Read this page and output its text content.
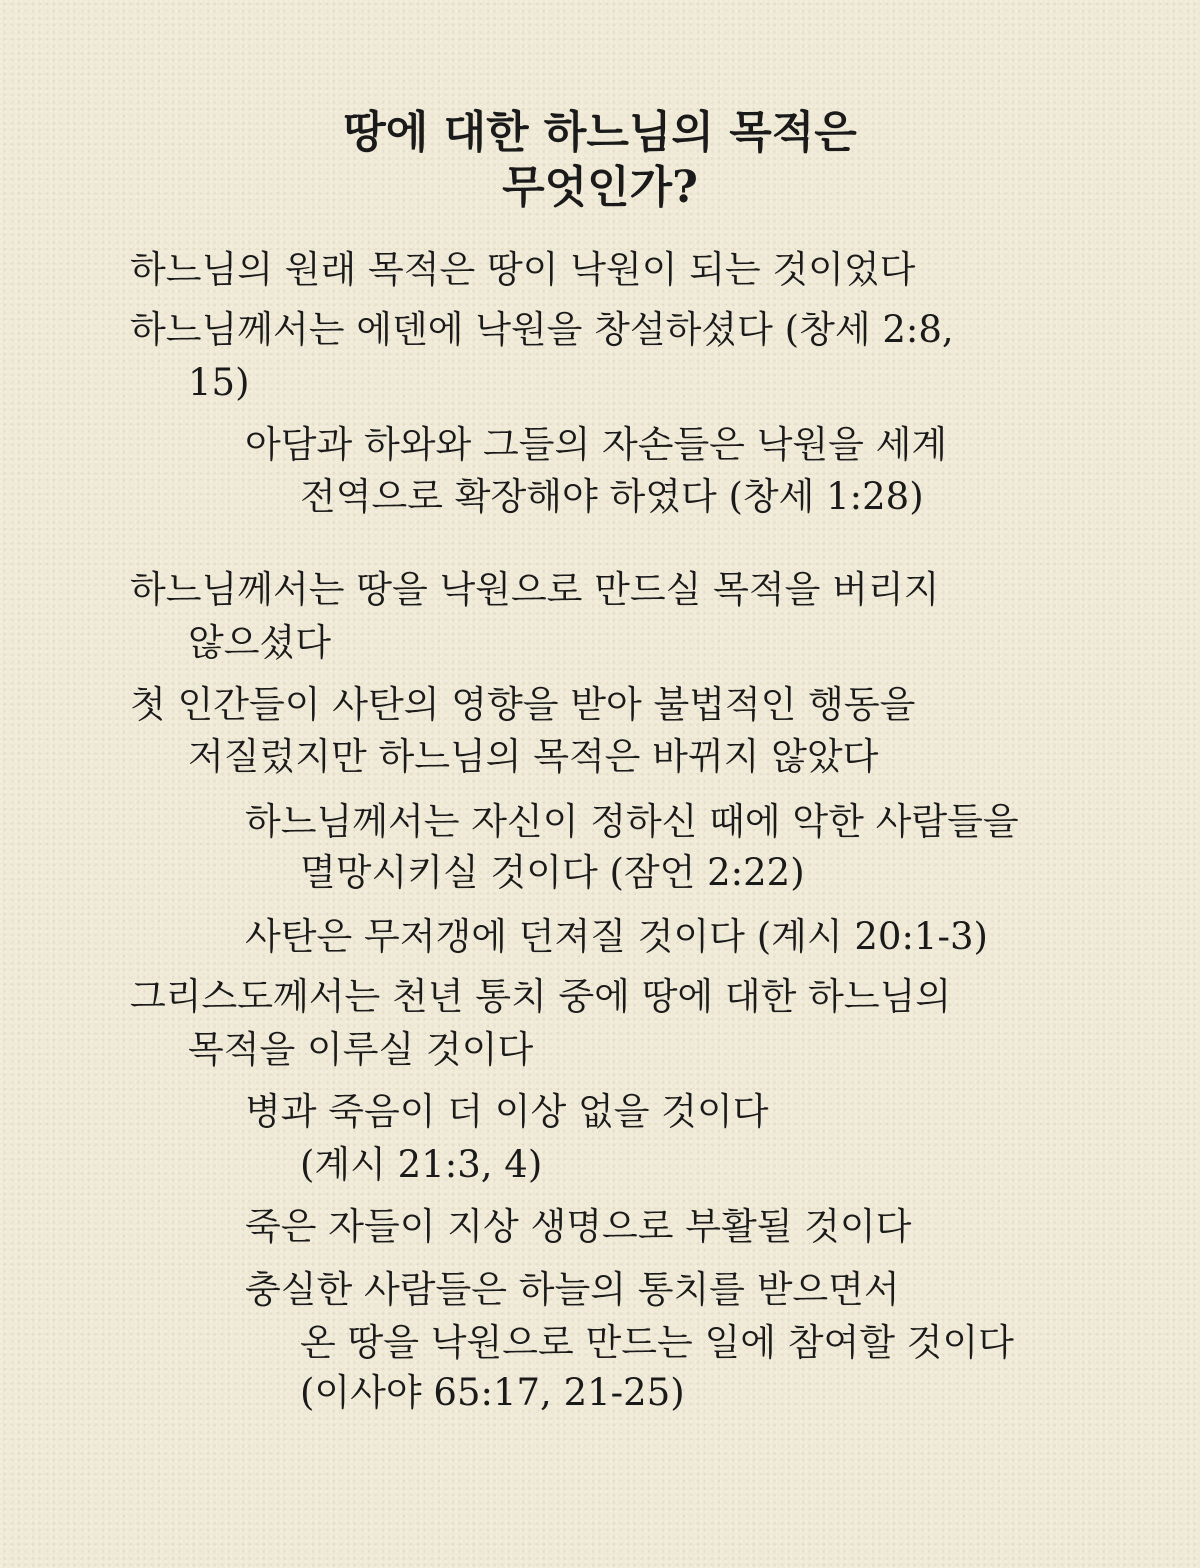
땅에 대한 하느님의 목적은
무엇인가?
하느님의 원래 목적은 땅이 낙원이 되는 것이었다
하느님께서는 에덴에 낙원을 창설하셨다 (창세 2:8,
15)
아담과 하와와 그들의 자손들은 낙원을 세계
전역으로 확장해야 하였다 (창세 1:28)
하느님께서는 땅을 낙원으로 만드실 목적을 버리지
않으셨다
첫 인간들이 사탄의 영향을 받아 불법적인 행동을
저질렀지만 하느님의 목적은 바뀌지 않았다
하느님께서는 자신이 정하신 때에 악한 사람들을
멸망시키실 것이다 (잠언 2:22)
사탄은 무저갱에 던져질 것이다 (계시 20:1-3)
그리스도께서는 천년 통치 중에 땅에 대한 하느님의
목적을 이루실 것이다
병과 죽음이 더 이상 없을 것이다
(계시 21:3, 4)
죽은 자들이 지상 생명으로 부활될 것이다
충실한 사람들은 하늘의 통치를 받으면서
온 땅을 낙원으로 만드는 일에 참여할 것이다
(이사야 65:17, 21-25)
